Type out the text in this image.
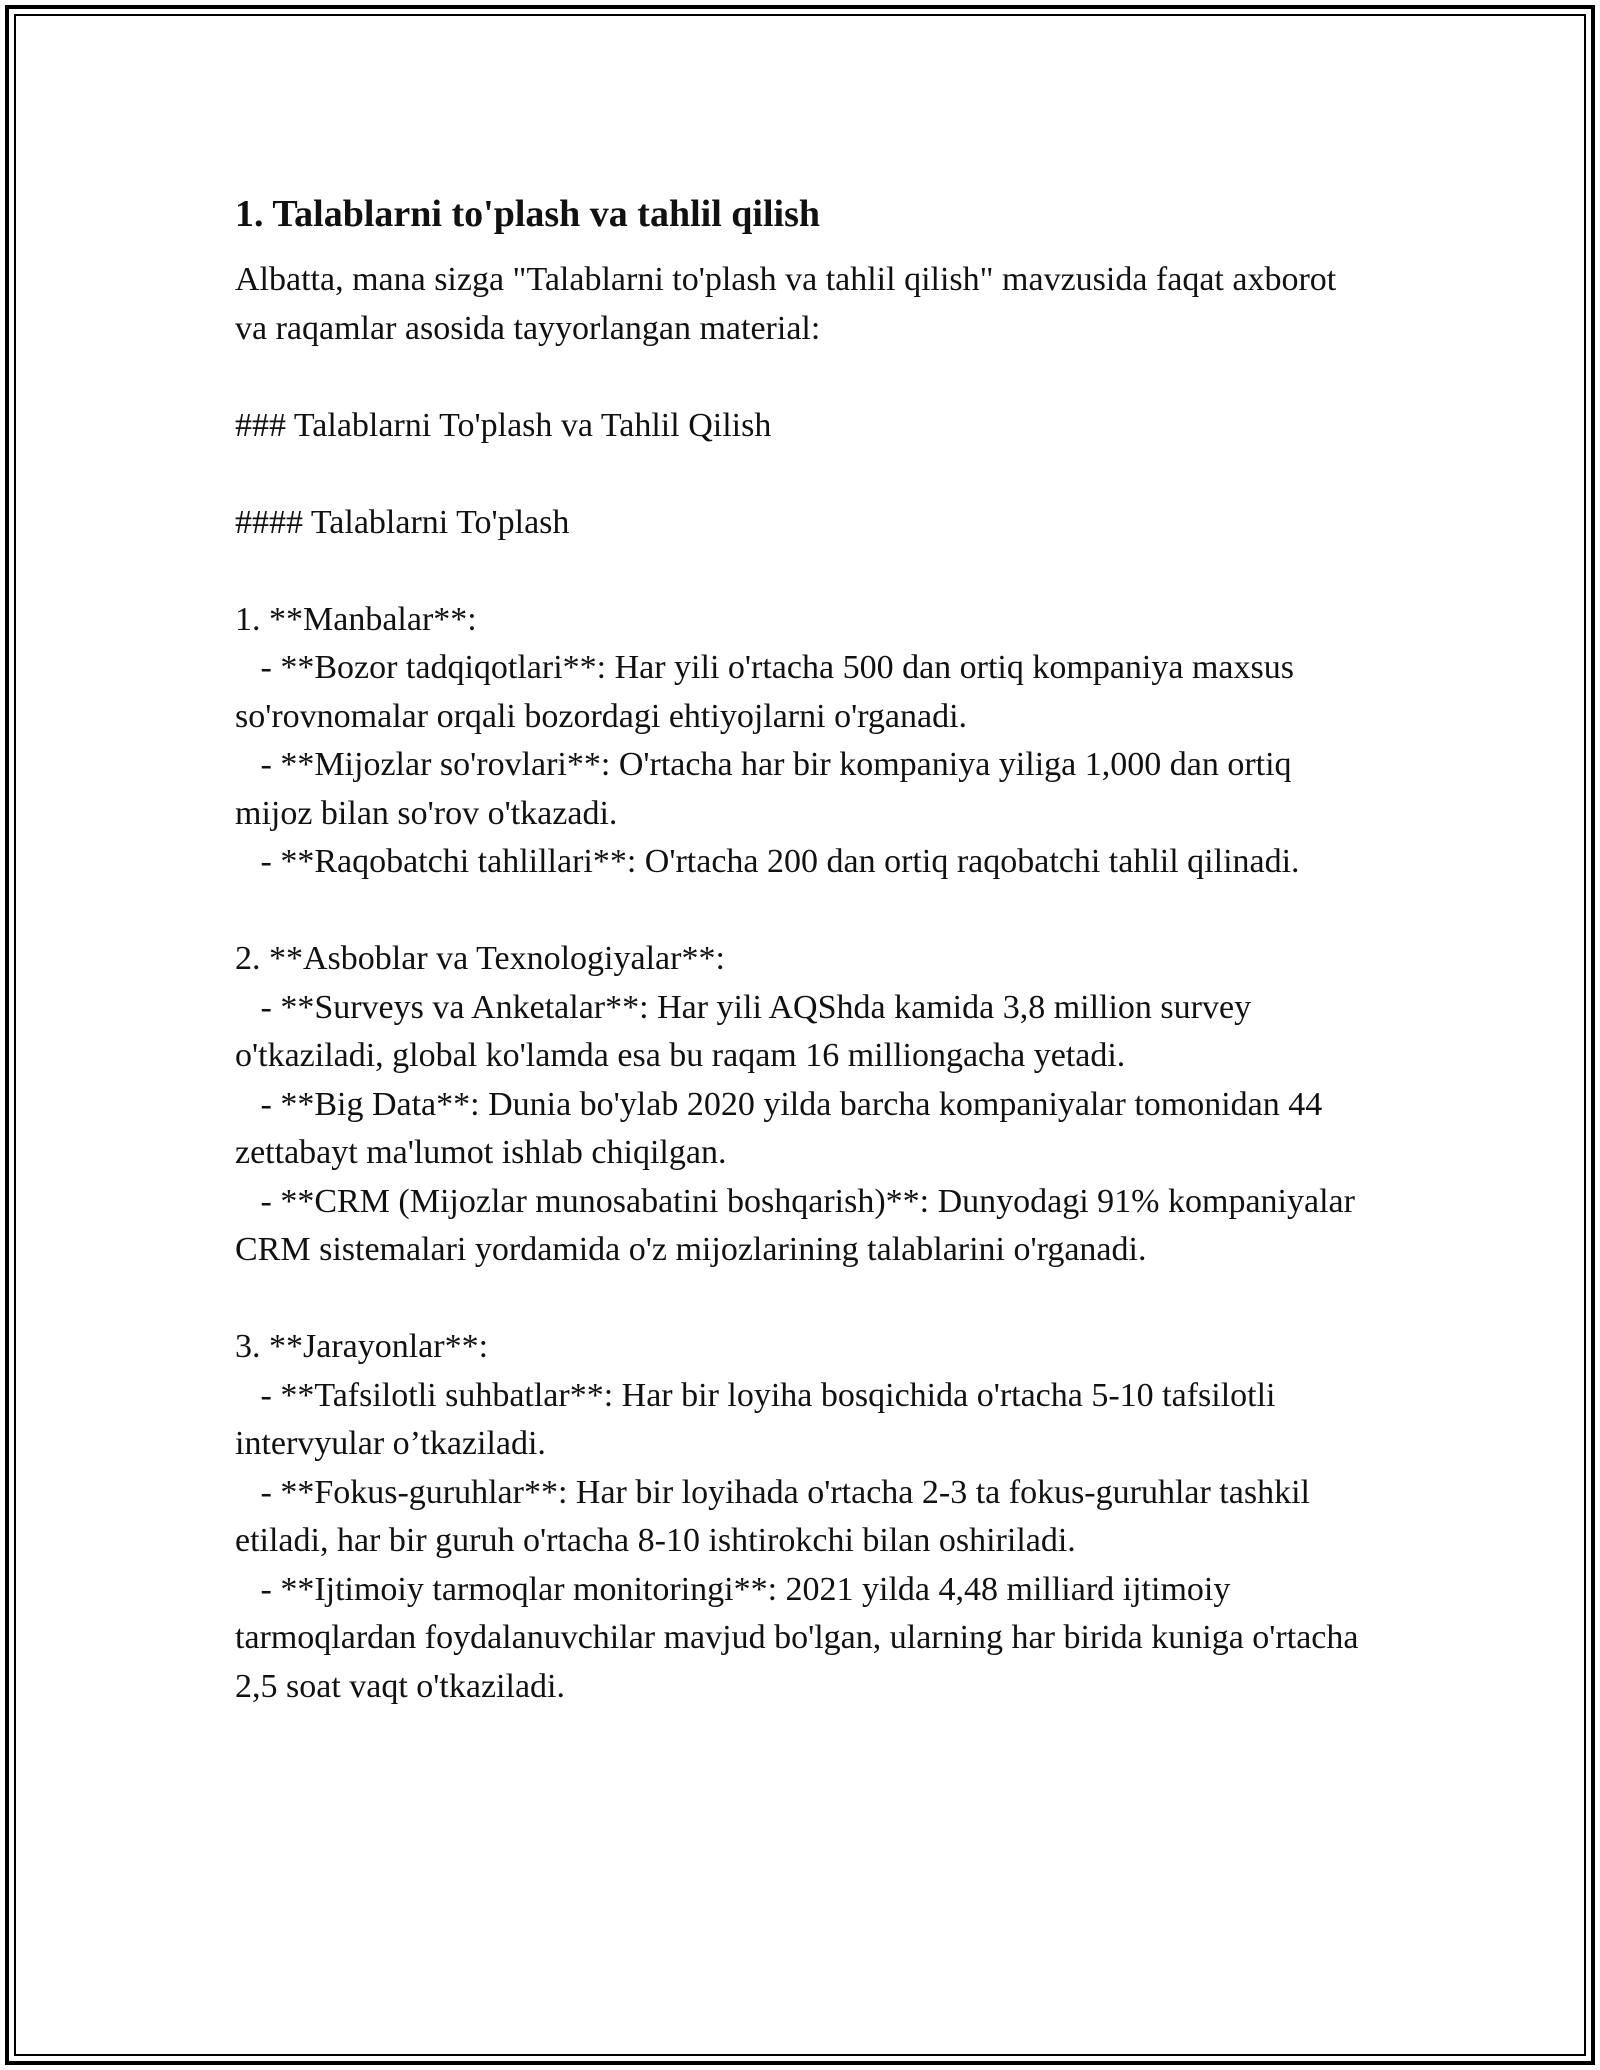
1. Talablarni to'plash va tahlil qilish

Albatta, mana sizga "Talablarni to'plash va tahlil qilish" mavzusida faqat axborot va raqamlar asosida tayyorlangan material:

### Talablarni To'plash va Tahlil Qilish

#### Talablarni To'plash

1. **Manbalar**:

- **Bozor tadqiqotlari**: Har yili o'rtacha 500 dan ortiq kompaniya maxsus so'rovnomalar orqali bozordagi ehtiyojlarni o'rganadi.

- **Mijozlar so'rovlari**: O'rtacha har bir kompaniya yiliga 1,000 dan ortiq mijoz bilan so'rov o'tkazadi.

- **Raqobatchi tahlillari**: O'rtacha 200 dan ortiq raqobatchi tahlil qilinadi.

2. **Asboblar va Texnologiyalar**:

- **Surveys va Anketalar**: Har yili AQShda kamida 3,8 million survey o'tkaziladi, global ko'lamda esa bu raqam 16 milliongacha yetadi.

- **Big Data**: Dunia bo'ylab 2020 yilda barcha kompaniyalar tomonidan 44 zettabayt ma'lumot ishlab chiqilgan.

- **CRM (Mijozlar munosabatini boshqarish)**: Dunyodagi 91% kompaniyalar CRM sistemalari yordamida o'z mijozlarining talablarini o'rganadi.

3. **Jarayonlar**:

- **Tafsilotli suhbatlar**: Har bir loyiha bosqichida o'rtacha 5-10 tafsilotli intervyular o’tkaziladi.

- **Fokus-guruhlar**: Har bir loyihada o'rtacha 2-3 ta fokus-guruhlar tashkil etiladi, har bir guruh o'rtacha 8-10 ishtirokchi bilan oshiriladi.

- **Ijtimoiy tarmoqlar monitoringi**: 2021 yilda 4,48 milliard ijtimoiy tarmoqlardan foydalanuvchilar mavjud bo'lgan, ularning har birida kuniga o'rtacha 2,5 soat vaqt o'tkaziladi.
